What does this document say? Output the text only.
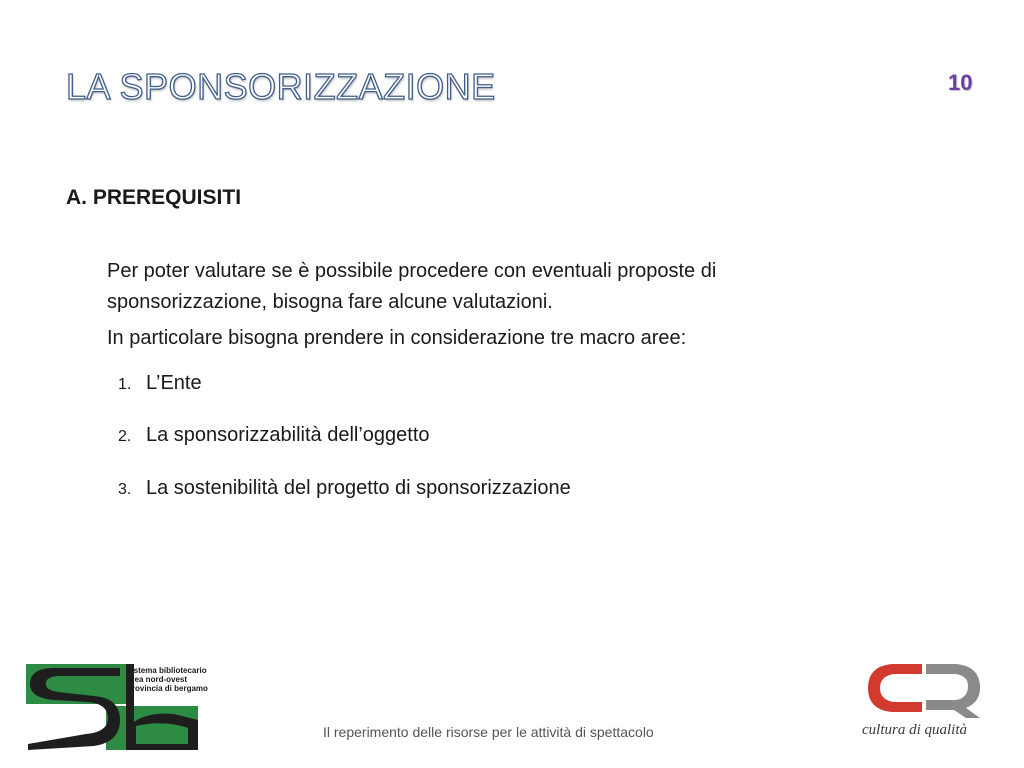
LA SPONSORIZZAZIONE	10
A. PREREQUISITI
Per poter valutare se è possibile procedere con eventuali proposte di sponsorizzazione, bisogna fare alcune valutazioni.
In particolare bisogna prendere in considerazione tre macro aree:
1. L’Ente
2. La sponsorizzabilità dell’oggetto
3. La sostenibilità del progetto di sponsorizzazione
sistema bibliotecario
area nord-ovest
provincia di bergamo
Il reperimento delle risorse per le attività di spettacolo	cultura di qualità
